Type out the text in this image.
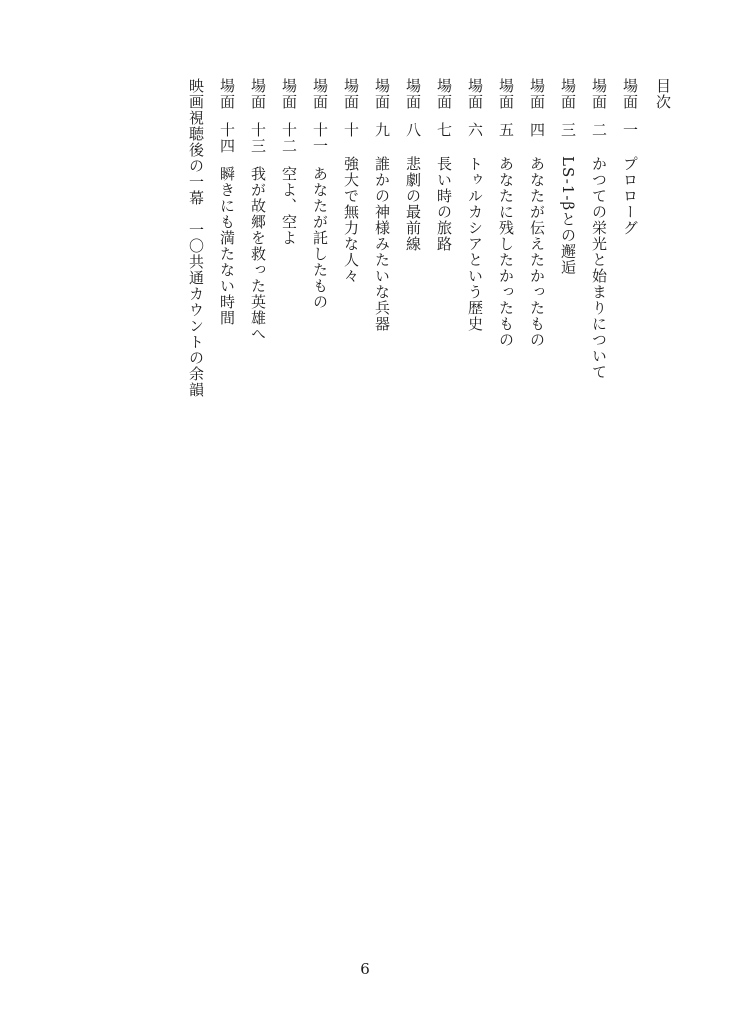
目次
場面一プロローグ
場面二かつての栄光と始まりについて
場面三LS-1-βとの邂逅
場面四あなたが伝えたかったもの
場面五あなたに残したかったもの
場面六トゥルカシアという歴史
場面七長い時の旅路
場面八悲劇の最前線
場面九誰かの神様みたいな兵器
場面十強大で無力な人々
場面十一あなたが託したもの
場面十二空よ、空よ
場面十三我が故郷を救った英雄へ
場面十四瞬きにも満たない時間
映画視聴後の一幕　一〇共通カウントの余韻
6
